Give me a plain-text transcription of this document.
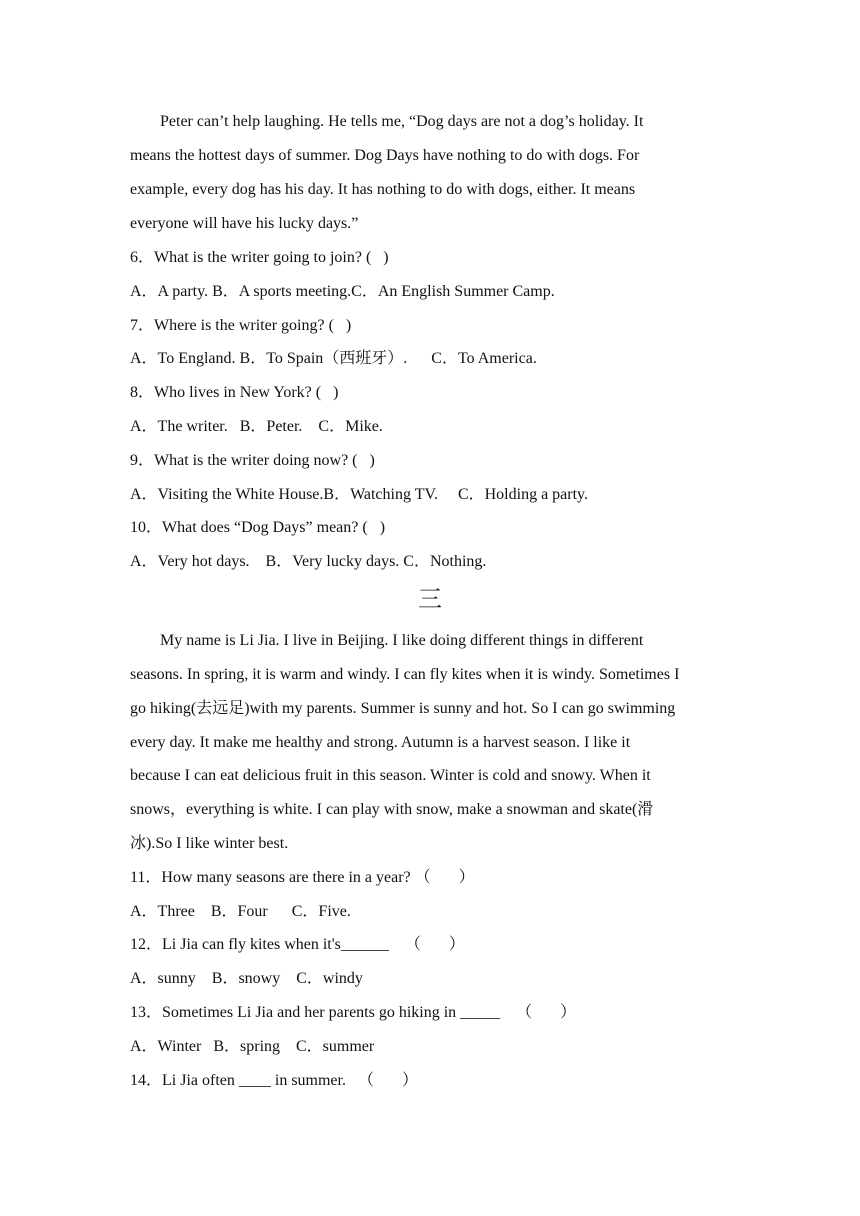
Peter can’t help laughing. He tells me, “Dog days are not a dog’s holiday. It
means the hottest days of summer. Dog Days have nothing to do with dogs. For
example, every dog has his day. It has nothing to do with dogs, either. It means
everyone will have his lucky days.”
6．What is the writer going to join? (   )
A．A party. B．A sports meeting.C．An English Summer Camp.
7．Where is the writer going? (   )
A．To England. B．To Spain（西班牙）.      C．To America.
8．Who lives in New York? (   )
A．The writer.   B．Peter.    C．Mike.
9．What is the writer doing now? (   )
A．Visiting the White House.B．Watching TV.     C．Holding a party.
10．What does “Dog Days” mean? (   )
A．Very hot days.    B．Very lucky days. C．Nothing.
三
My name is Li Jia. I live in Beijing. I like doing different things in different
seasons. In spring, it is warm and windy. I can fly kites when it is windy. Sometimes I
go hiking(去远足)with my parents. Summer is sunny and hot. So I can go swimming
every day. It make me healthy and strong. Autumn is a harvest season. I like it
because I can eat delicious fruit in this season. Winter is cold and snowy. When it
snows，everything is white. I can play with snow, make a snowman and skate(滑
冰).So I like winter best.
11．How many seasons are there in a year? （       ）
A．Three    B．Four      C．Five.
12．Li Jia can fly kites when it's______    （       ）
A．sunny    B．snowy    C．windy
13．Sometimes Li Jia and her parents go hiking in _____    （       ）
A．Winter   B．spring    C．summer
14．Li Jia often ____ in summer.   （       ）
